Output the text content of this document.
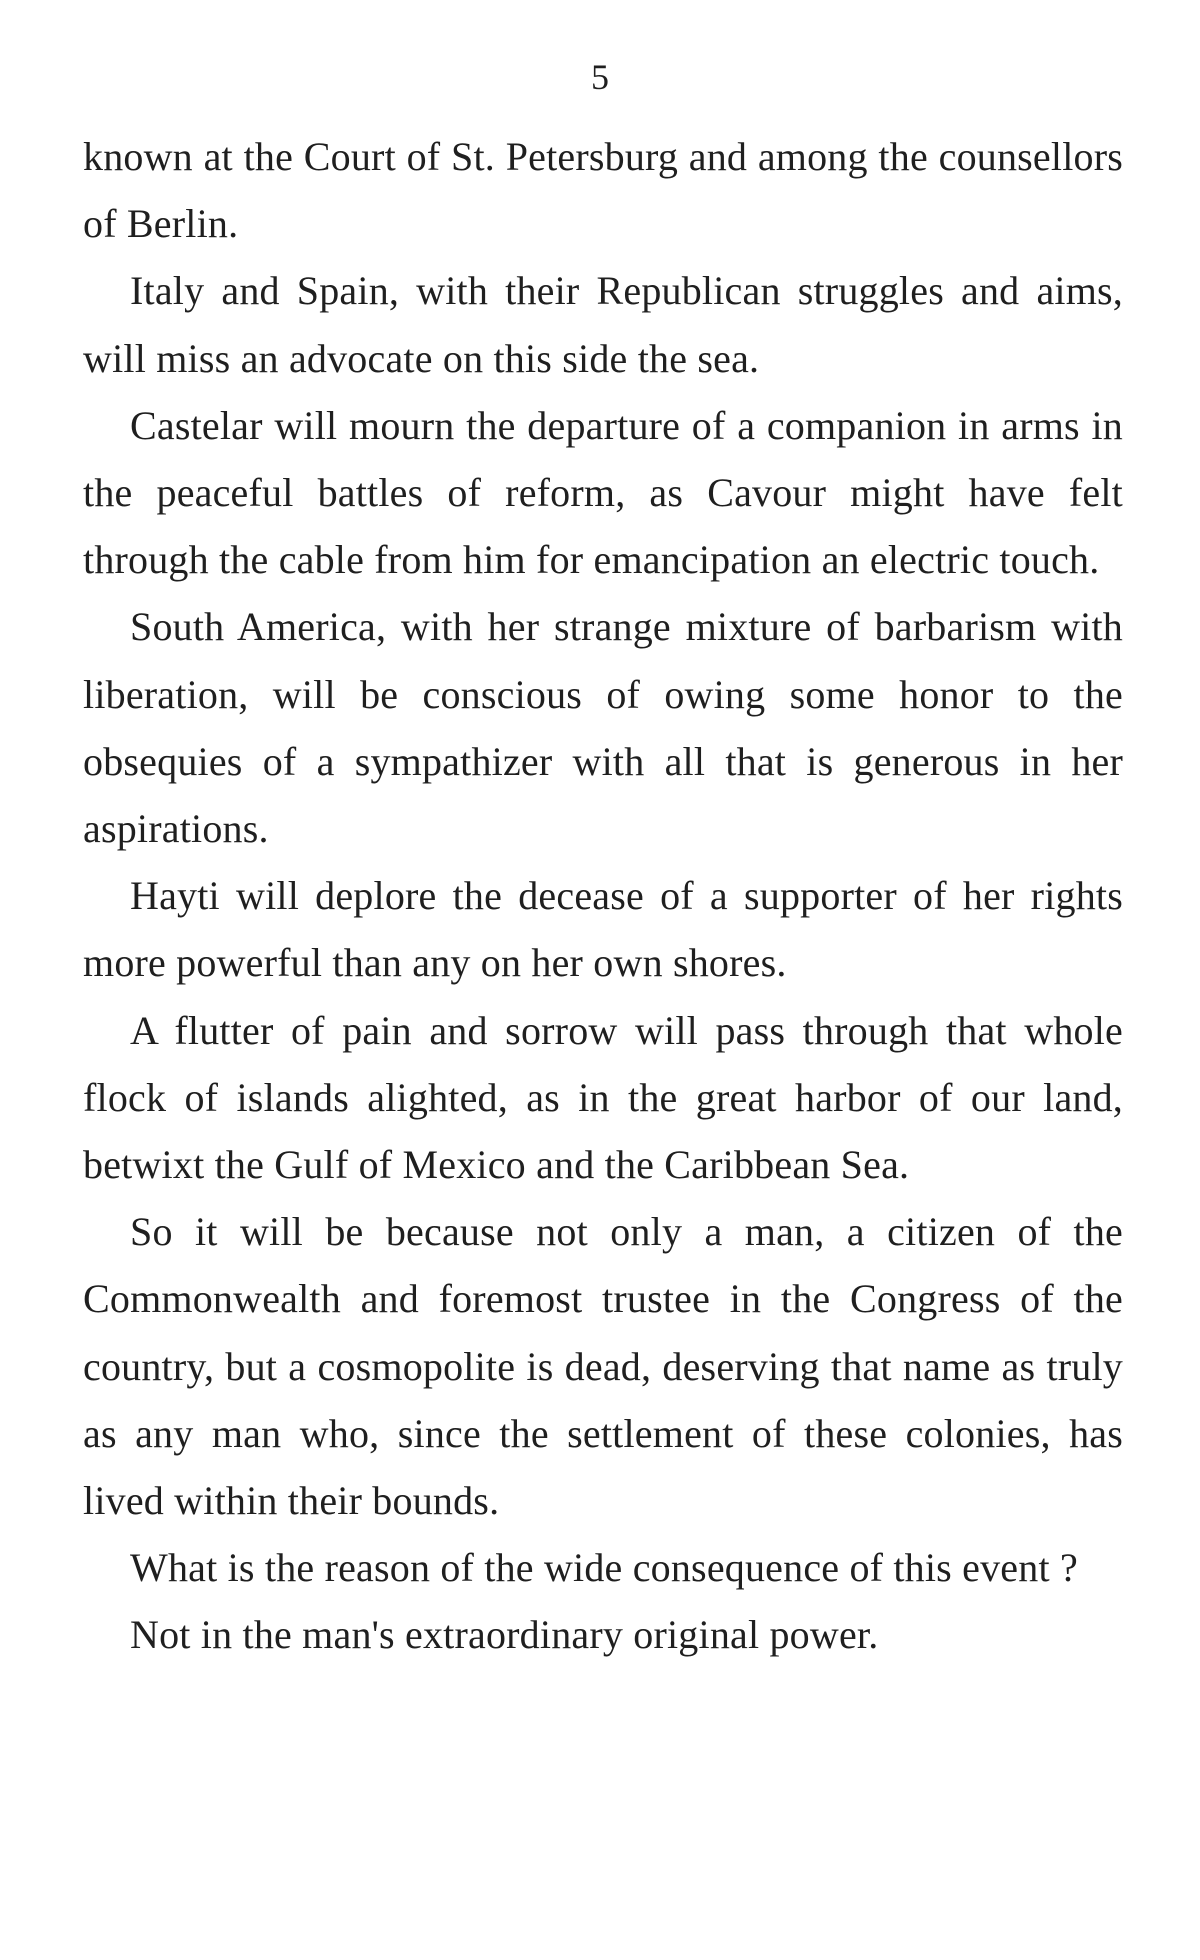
5

known at the Court of St. Petersburg and among the counsellors of Berlin.

Italy and Spain, with their Republican struggles and aims, will miss an advocate on this side the sea.

Castelar will mourn the departure of a companion in arms in the peaceful battles of reform, as Cavour might have felt through the cable from him for emancipation an electric touch.

South America, with her strange mixture of barbarism with liberation, will be conscious of owing some honor to the obsequies of a sympathizer with all that is generous in her aspirations.

Hayti will deplore the decease of a supporter of her rights more powerful than any on her own shores.

A flutter of pain and sorrow will pass through that whole flock of islands alighted, as in the great harbor of our land, betwixt the Gulf of Mexico and the Caribbean Sea.

So it will be because not only a man, a citizen of the Commonwealth and foremost trustee in the Congress of the country, but a cosmopolite is dead, deserving that name as truly as any man who, since the settlement of these colonies, has lived within their bounds.

What is the reason of the wide consequence of this event ?

Not in the man's extraordinary original power.
